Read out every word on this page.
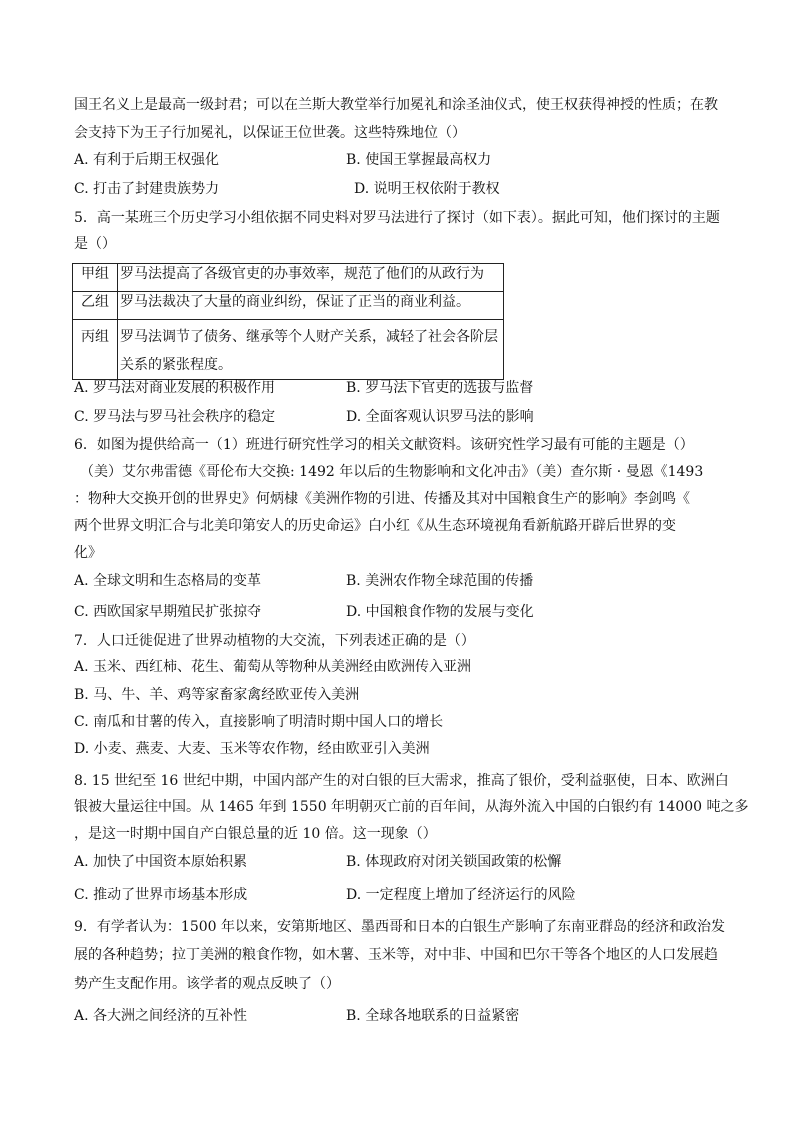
国王名义上是最高一级封君；可以在兰斯大教堂举行加冕礼和涂圣油仪式，使王权获得神授的性质；在教
会支持下为王子行加冕礼，以保证王位世袭。这些特殊地位（）
A. 有利于后期王权强化	B. 使国王掌握最高权力
C. 打击了封建贵族势力	D. 说明王权依附于教权
5．高一某班三个历史学习小组依据不同史料对罗马法进行了探讨（如下表）。据此可知，他们探讨的主题
是（）
甲组	罗马法提高了各级官吏的办事效率，规范了他们的从政行为

乙组	罗马法裁决了大量的商业纠纷，保证了正当的商业利益。

丙组	罗马法调节了债务、继承等个人财产关系，减轻了社会各阶层
关系的紧张程度。
A. 罗马法对商业发展的积极作用	B. 罗马法下官吏的选拔与监督
C. 罗马法与罗马社会秩序的稳定	D. 全面客观认识罗马法的影响
6．如图为提供给高一（1）班进行研究性学习的相关文献资料。该研究性学习最有可能的主题是（）
（美）艾尔弗雷德《哥伦布大交换: 1492 年以后的生物影响和文化冲击》（美）查尔斯 · 曼恩《1493
：物种大交换开创的世界史》何炳棣《美洲作物的引进、传播及其对中国粮食生产的影响》李剑鸣《
两个世界文明汇合与北美印第安人的历史命运》白小红《从生态环境视角看新航路开辟后世界的变
化》
A. 全球文明和生态格局的变革	B. 美洲农作物全球范围的传播
C. 西欧国家早期殖民扩张掠夺	D. 中国粮食作物的发展与变化
7．人口迁徙促进了世界动植物的大交流，下列表述正确的是（）
A. 玉米、西红柿、花生、葡萄从等物种从美洲经由欧洲传入亚洲
B. 马、牛、羊、鸡等家畜家禽经欧亚传入美洲
C. 南瓜和甘薯的传入，直接影响了明清时期中国人口的增长
D. 小麦、燕麦、大麦、玉米等农作物，经由欧亚引入美洲
8. 15 世纪至 16 世纪中期，中国内部产生的对白银的巨大需求，推高了银价，受利益驱使，日本、欧洲白
银被大量运往中国。从 1465 年到 1550 年明朝灭亡前的百年间，从海外流入中国的白银约有 14000 吨之多
，是这一时期中国自产白银总量的近 10 倍。这一现象（）
A. 加快了中国资本原始积累	B. 体现政府对闭关锁国政策的松懈
C. 推动了世界市场基本形成	D. 一定程度上增加了经济运行的风险
9．有学者认为：1500 年以来，安第斯地区、墨西哥和日本的白银生产影响了东南亚群岛的经济和政治发
展的各种趋势；拉丁美洲的粮食作物，如木薯、玉米等，对中非、中国和巴尔干等各个地区的人口发展趋
势产生支配作用。该学者的观点反映了（）
A. 各大洲之间经济的互补性	B. 全球各地联系的日益紧密
